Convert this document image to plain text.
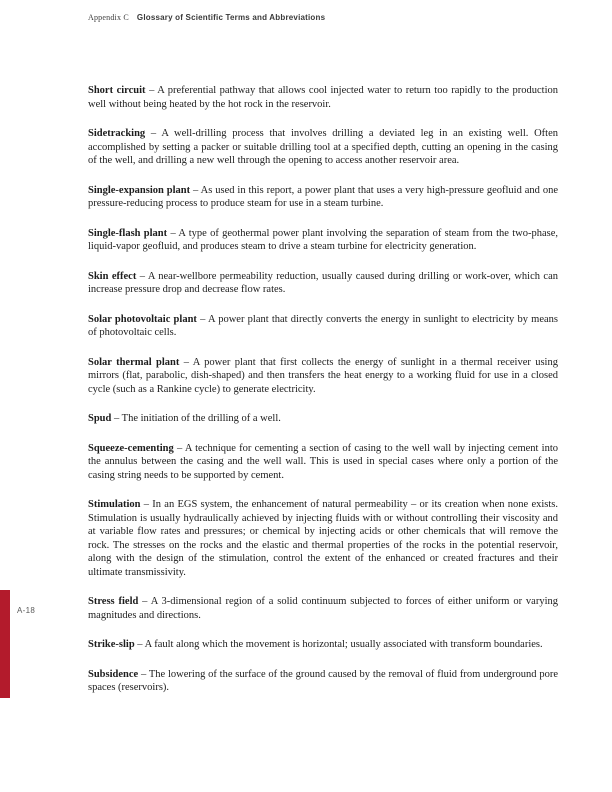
Appendix C Glossary of Scientific Terms and Abbreviations
A-18

Short circuit – A preferential pathway that allows cool injected water to return too rapidly to the production well without being heated by the hot rock in the reservoir.

Sidetracking – A well-drilling process that involves drilling a deviated leg in an existing well. Often accomplished by setting a packer or suitable drilling tool at a specified depth, cutting an opening in the casing of the well, and drilling a new well through the opening to access another reservoir area.

Single-expansion plant – As used in this report, a power plant that uses a very high-pressure geofluid and one pressure-reducing process to produce steam for use in a steam turbine.

Single-flash plant – A type of geothermal power plant involving the separation of steam from the two-phase, liquid-vapor geofluid, and produces steam to drive a steam turbine for electricity generation.

Skin effect – A near-wellbore permeability reduction, usually caused during drilling or work-over, which can increase pressure drop and decrease flow rates.

Solar photovoltaic plant – A power plant that directly converts the energy in sunlight to electricity by means of photovoltaic cells.

Solar thermal plant – A power plant that first collects the energy of sunlight in a thermal receiver using mirrors (flat, parabolic, dish-shaped) and then transfers the heat energy to a working fluid for use in a closed cycle (such as a Rankine cycle) to generate electricity.

Spud – The initiation of the drilling of a well.

Squeeze-cementing – A technique for cementing a section of casing to the well wall by injecting cement into the annulus between the casing and the well wall. This is used in special cases where only a portion of the casing string needs to be supported by cement.

Stimulation – In an EGS system, the enhancement of natural permeability – or its creation when none exists. Stimulation is usually hydraulically achieved by injecting fluids with or without controlling their viscosity and at variable flow rates and pressures; or chemical by injecting acids or other chemicals that will remove the rock. The stresses on the rocks and the elastic and thermal properties of the rocks in the potential reservoir, along with the design of the stimulation, control the extent of the enhanced or created fractures and their ultimate transmissivity.

Stress field – A 3-dimensional region of a solid continuum subjected to forces of either uniform or varying magnitudes and directions.

Strike-slip – A fault along which the movement is horizontal; usually associated with transform boundaries.

Subsidence – The lowering of the surface of the ground caused by the removal of fluid from underground pore spaces (reservoirs).
